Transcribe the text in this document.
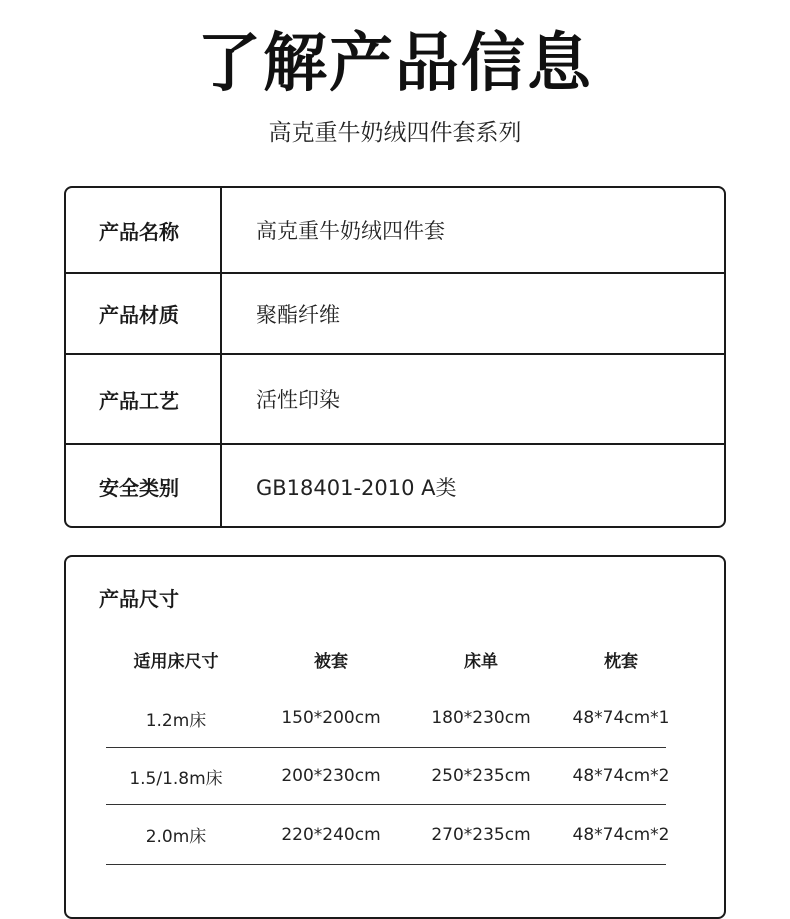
了解产品信息
高克重牛奶绒四件套系列
产品名称	高克重牛奶绒四件套
产品材质	聚酯纤维
产品工艺	活性印染
安全类别	GB18401-2010 A类
产品尺寸
适用床尺寸	被套	床单	枕套
1.2m床	150*200cm	180*230cm	48*74cm*1
1.5/1.8m床	200*230cm	250*235cm	48*74cm*2
2.0m床	220*240cm	270*235cm	48*74cm*2
